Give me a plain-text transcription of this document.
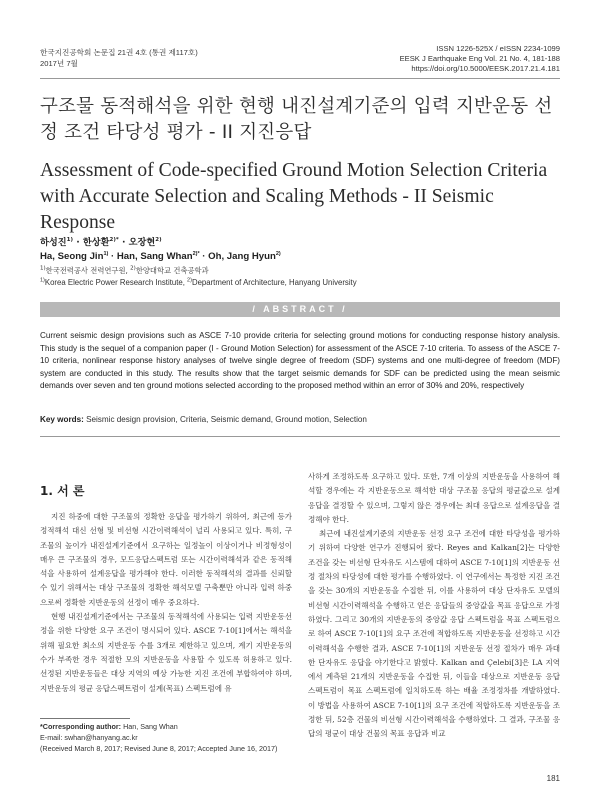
한국지진공학회 논문집 21권 4호 (통권 제117호)
2017년 7월
ISSN 1226-525X / eISSN 2234-1099
EESK J Earthquake Eng Vol. 21 No. 4, 181-188
https://doi.org/10.5000/EESK.2017.21.4.181
구조물 동적해석을 위한 현행 내진설계기준의 입력 지반운동 선정 조건 타당성 평가 - II 지진응답
Assessment of Code-specified Ground Motion Selection Criteria with Accurate Selection and Scaling Methods - II Seismic Response
하성진$^{1)}$ · 한상환$^{2)*}$ · 오장현$^{2)}$
Ha, Seong Jin$^{1)}$ · Han, Sang Whan$^{2)*}$ · Oh, Jang Hyun$^{2)}$
$^{1)}$한국전력공사 전력연구원, $^{2)}$한양대학교 건축공학과
$^{1)}$Korea Electric Power Research Institute, $^{2)}$Department of Architecture, Hanyang University
/ ABSTRACT /
Current seismic design provisions such as ASCE 7-10 provide criteria for selecting ground motions for conducting response history analysis. This study is the sequel of a companion paper (I - Ground Motion Selection) for assessment of the ASCE 7-10 criteria. To assess of the ASCE 7-10 criteria, nonlinear response history analyses of twelve single degree of freedom (SDF) systems and one multi-degree of freedom (MDF) system are conducted in this study. The results show that the target seismic demands for SDF can be predicted using the mean seismic demands over seven and ten ground motions selected according to the proposed method within an error of 30% and 20%, respectively
Key words: Seismic design provision, Criteria, Seismic demand, Ground motion, Selection
1. 서 론

지진 하중에 대한 구조물의 정확한 응답을 평가하기 위하여, 최근에 등가정적해석 대신 선형 및 비선형 시간이력해석이 널리 사용되고 있다. 특히, 구조물의 높이가 내진설계기준에서 요구하는 일정높이 이상이거나 비정형성이 매우 큰 구조물의 경우, 모드응답스펙트럼 또는 시간이력해석과 같은 동적해석을 사용하여 설계응답을 평가해야 한다. 이러한 동적해석의 결과를 신뢰할 수 있기 위해서는 대상 구조물의 정확한 해석모델 구축뿐만 아니라 입력 하중으로써 정확한 지반운동의 선정이 매우 중요하다.

현행 내진설계기준에서는 구조물의 동적해석에 사용되는 입력 지반운동선정을 위한 다양한 요구 조건이 명시되어 있다. ASCE 7-10[1]에서는 해석을 위해 필요한 최소의 지반운동 수를 3개로 제한하고 있으며, 계기 지반운동의 수가 부족한 경우 적절한 모의 지반운동을 사용할 수 있도록 허용하고 있다. 선정된 지반운동들은 대상 지역의 예상 가능한 지진 조건에 부합하여야 하며, 지반운동의 평균 응답스펙트럼이 설계(목표) 스펙트럼에 유

사하게 조정하도록 요구하고 있다. 또한, 7개 이상의 지반운동을 사용하여 해석할 경우에는 각 지반운동으로 해석한 대상 구조물 응답의 평균값으로 설계응답을 결정할 수 있으며, 그렇지 않은 경우에는 최대 응답으로 설계응답을 결정해야 한다.

최근에 내진설계기준의 지반운동 선정 요구 조건에 대한 타당성을 평가하기 위하여 다양한 연구가 진행되어 왔다. Reyes and Kalkan[2]는 다양한 조건을 갖는 비선형 단자유도 시스템에 대하여 ASCE 7-10[1]의 지반운동 선정 절차의 타당성에 대한 평가를 수행하였다. 이 연구에서는 특정한 지진 조건을 갖는 30개의 지반운동을 수집한 뒤, 이를 사용하여 대상 단자유도 모델의 비선형 시간이력해석을 수행하고 얻은 응답들의 중앙값을 목표 응답으로 가정하였다. 그리고 30개의 지반운동의 중앙값 응답 스펙트럼을 목표 스펙트럼으로 하여 ASCE 7-10[1]의 요구 조건에 적합하도록 지반운동을 선정하고 시간이력해석을 수행한 결과, ASCE 7-10[1]의 지반운동 선정 절차가 매우 과대한 단자유도 응답을 야기한다고 밝혔다. Kalkan and Çelebi[3]은 LA 지역에서 계측된 21개의 지반운동을 수집한 뒤, 이들을 대상으로 지반운동 응답 스펙트럼이 목표 스펙트럼에 일치하도록 하는 배율 조정정차를 개발하였다. 이 방법을 사용하여 ASCE 7-10[1]의 요구 조건에 적합하도록 지반운동을 조정한 뒤, 52층 건물의 비선형 시간이력해석을 수행하였다. 그 결과, 구조물 응답의 평균이 대상 건물의 목표 응답과 비교

*Corresponding author: Han, Sang Whan
E-mail: swhan@hanyang.ac.kr
(Received March 8, 2017; Revised June 8, 2017; Accepted June 16, 2017)
181
